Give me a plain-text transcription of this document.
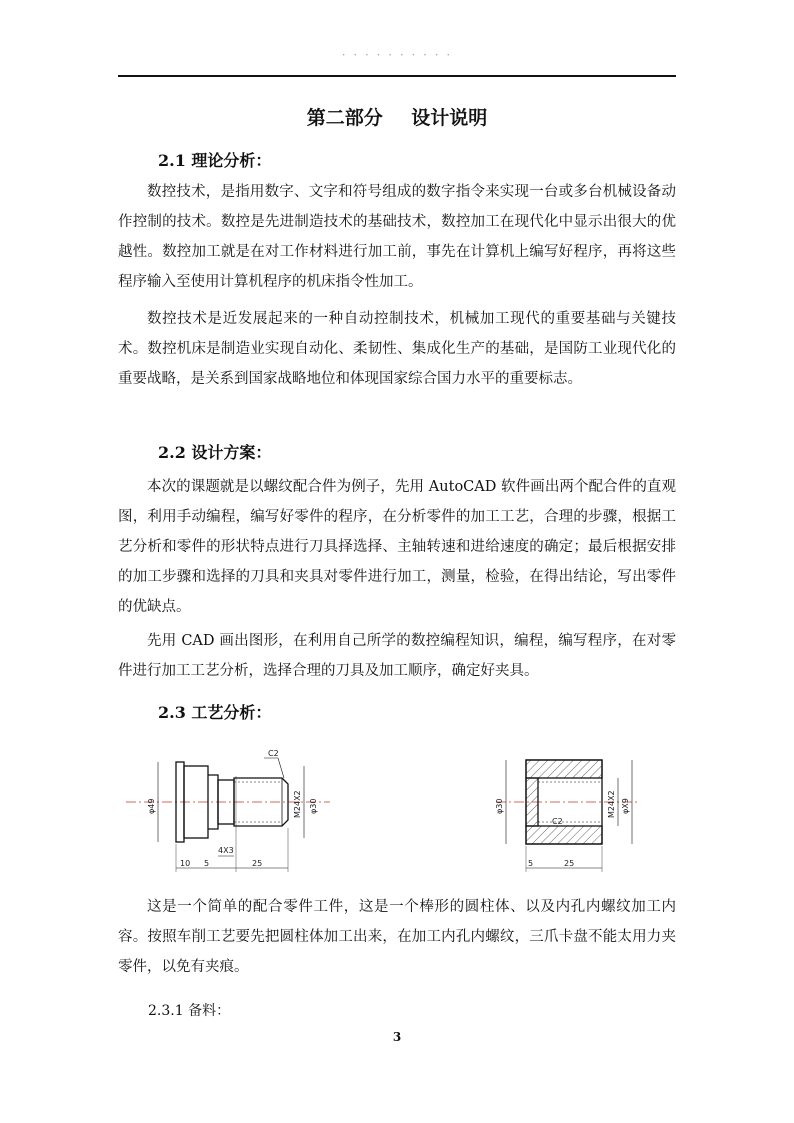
· · · · · · · · · ·
第二部分 设计说明
2.1 理论分析：

数控技术，是指用数字、文字和符号组成的数字指令来实现一台或多台机械设备动作控制的技术。数控是先进制造技术的基础技术，数控加工在现代化中显示出很大的优越性。数控加工就是在对工作材料进行加工前，事先在计算机上编写好程序，再将这些程序输入至使用计算机程序的机床指令性加工。

数控技术是近发展起来的一种自动控制技术，机械加工现代的重要基础与关键技术。数控机床是制造业实现自动化、柔韧性、集成化生产的基础，是国防工业现代化的重要战略，是关系到国家战略地位和体现国家综合国力水平的重要标志。

2.2 设计方案：

本次的课题就是以螺纹配合件为例子，先用 AutoCAD 软件画出两个配合件的直观图，利用手动编程，编写好零件的程序，在分析零件的加工工艺，合理的步骤，根据工艺分析和零件的形状特点进行刀具择选择、主轴转速和进给速度的确定；最后根据安排的加工步骤和选择的刀具和夹具对零件进行加工，测量，检验，在得出结论，写出零件的优缺点。

先用 CAD 画出图形，在利用自己所学的数控编程知识，编程，编写程序，在对零件进行加工工艺分析，选择合理的刀具及加工顺序，确定好夹具。

2.3 工艺分析：
C2
φ49	M24X2 φ30
4X3
10 5	25
φ30
C2
M24X2 φX9
5	25

这是一个简单的配合零件工件，这是一个棒形的圆柱体、以及内孔内螺纹加工内容。按照车削工艺要先把圆柱体加工出来，在加工内孔内螺纹，三爪卡盘不能太用力夹零件，以免有夹痕。

2.3.1 备料：
3
